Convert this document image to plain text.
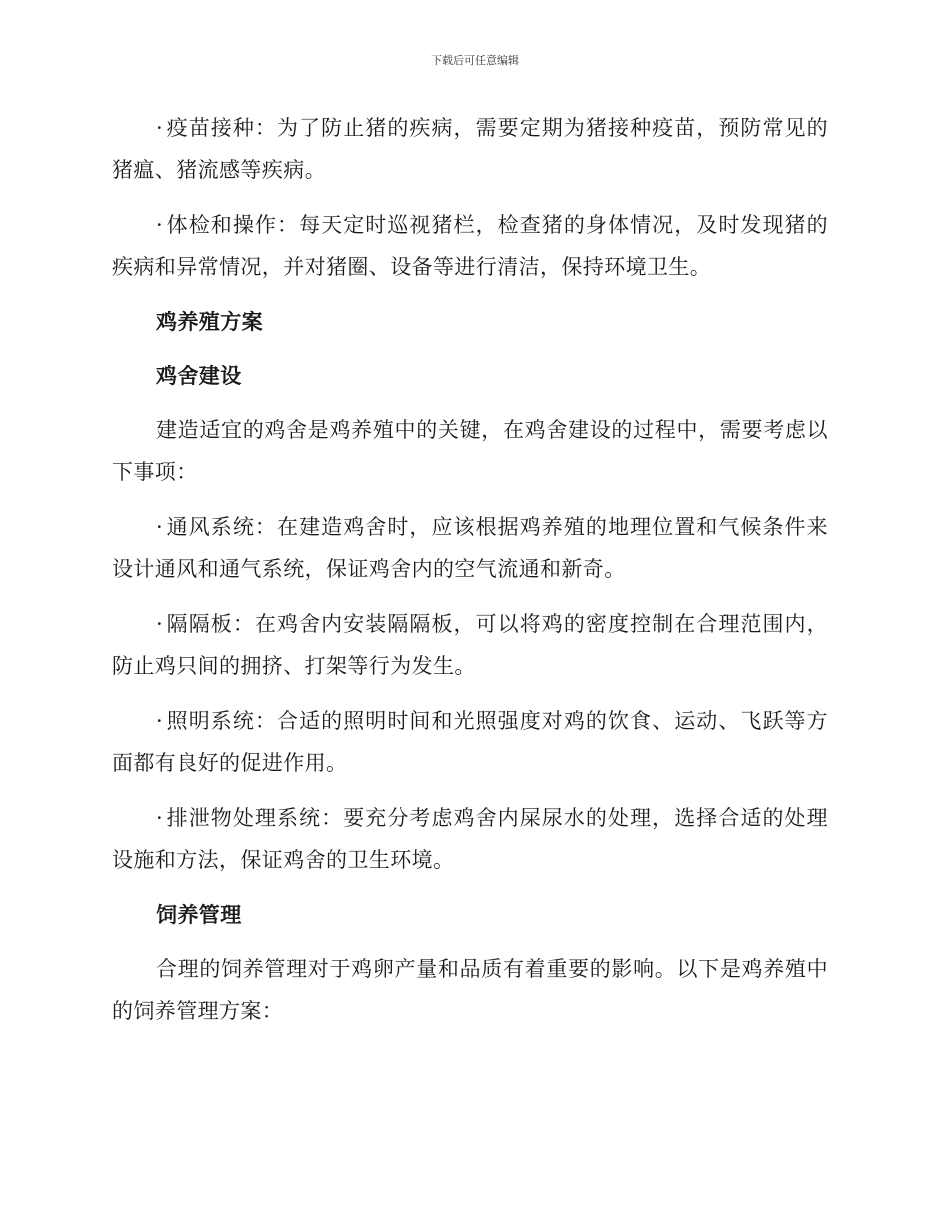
下载后可任意编辑

· 疫苗接种：为了防止猪的疾病，需要定期为猪接种疫苗，预防常见的猪瘟、猪流感等疾病。

· 体检和操作：每天定时巡视猪栏，检查猪的身体情况，及时发现猪的疾病和异常情况，并对猪圈、设备等进行清洁，保持环境卫生。

鸡养殖方案

鸡舍建设

建造适宜的鸡舍是鸡养殖中的关键，在鸡舍建设的过程中，需要考虑以下事项：

· 通风系统：在建造鸡舍时，应该根据鸡养殖的地理位置和气候条件来设计通风和通气系统，保证鸡舍内的空气流通和新奇。

· 隔隔板：在鸡舍内安装隔隔板，可以将鸡的密度控制在合理范围内，防止鸡只间的拥挤、打架等行为发生。

· 照明系统：合适的照明时间和光照强度对鸡的饮食、运动、飞跃等方面都有良好的促进作用。

· 排泄物处理系统：要充分考虑鸡舍内屎尿水的处理，选择合适的处理设施和方法，保证鸡舍的卫生环境。

饲养管理

合理的饲养管理对于鸡卵产量和品质有着重要的影响。以下是鸡养殖中的饲养管理方案：
